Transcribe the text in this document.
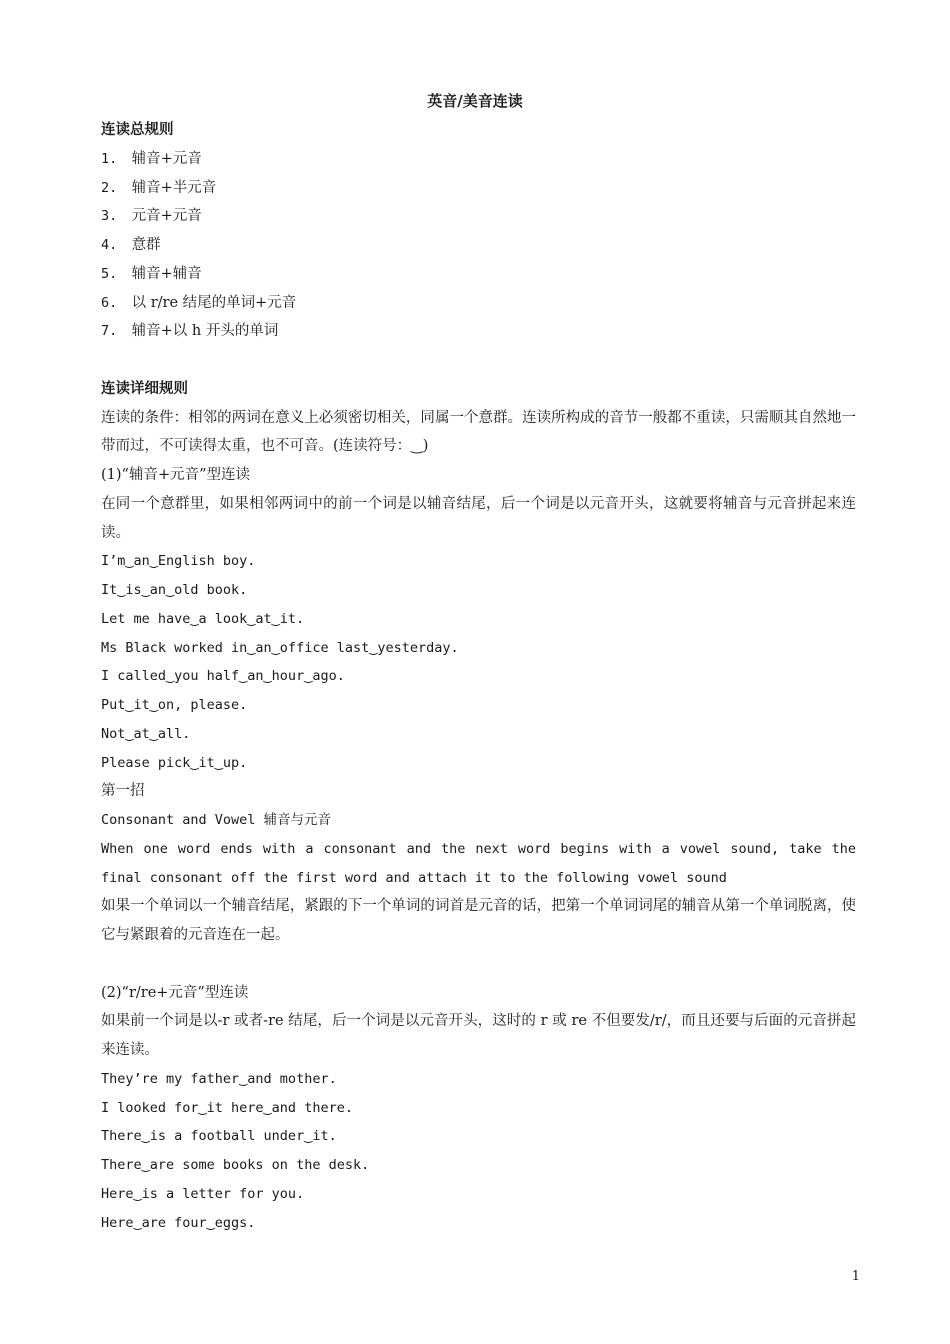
英音/美音连读
连读总规则
1. 辅音+元音
2. 辅音+半元音
3. 元音+元音
4. 意群
5. 辅音+辅音
6. 以 r/re 结尾的单词+元音
7. 辅音+以 h 开头的单词
连读详细规则
连读的条件：相邻的两词在意义上必须密切相关，同属一个意群。连读所构成的音节一般都不重读，只需顺其自然地一带而过，不可读得太重，也不可音。(连读符号：‿)
(1)“辅音+元音”型连读
在同一个意群里，如果相邻两词中的前一个词是以辅音结尾，后一个词是以元音开头，这就要将辅音与元音拼起来连读。
I’m‿an‿English boy.
It‿is‿an‿old book.
Let me have‿a look‿at‿it.
Ms Black worked in‿an‿office last‿yesterday.
I called‿you half‿an‿hour‿ago.
Put‿it‿on, please.
Not‿at‿all.
Please pick‿it‿up.
第一招
Consonant and Vowel 辅音与元音
When one word ends with a consonant and the next word begins with a vowel sound, take the final consonant off the first word and attach it to the following vowel sound
如果一个单词以一个辅音结尾，紧跟的下一个单词的词首是元音的话，把第一个单词词尾的辅音从第一个单词脱离，使它与紧跟着的元音连在一起。
(2)“r/re+元音”型连读
如果前一个词是以-r 或者-re 结尾，后一个词是以元音开头，这时的 r 或 re 不但要发/r/，而且还要与后面的元音拼起来连读。
They’re my father‿and mother.
I looked for‿it here‿and there.
There‿is a football under‿it.
There‿are some books on the desk.
Here‿is a letter for you.
Here‿are four‿eggs.
1
